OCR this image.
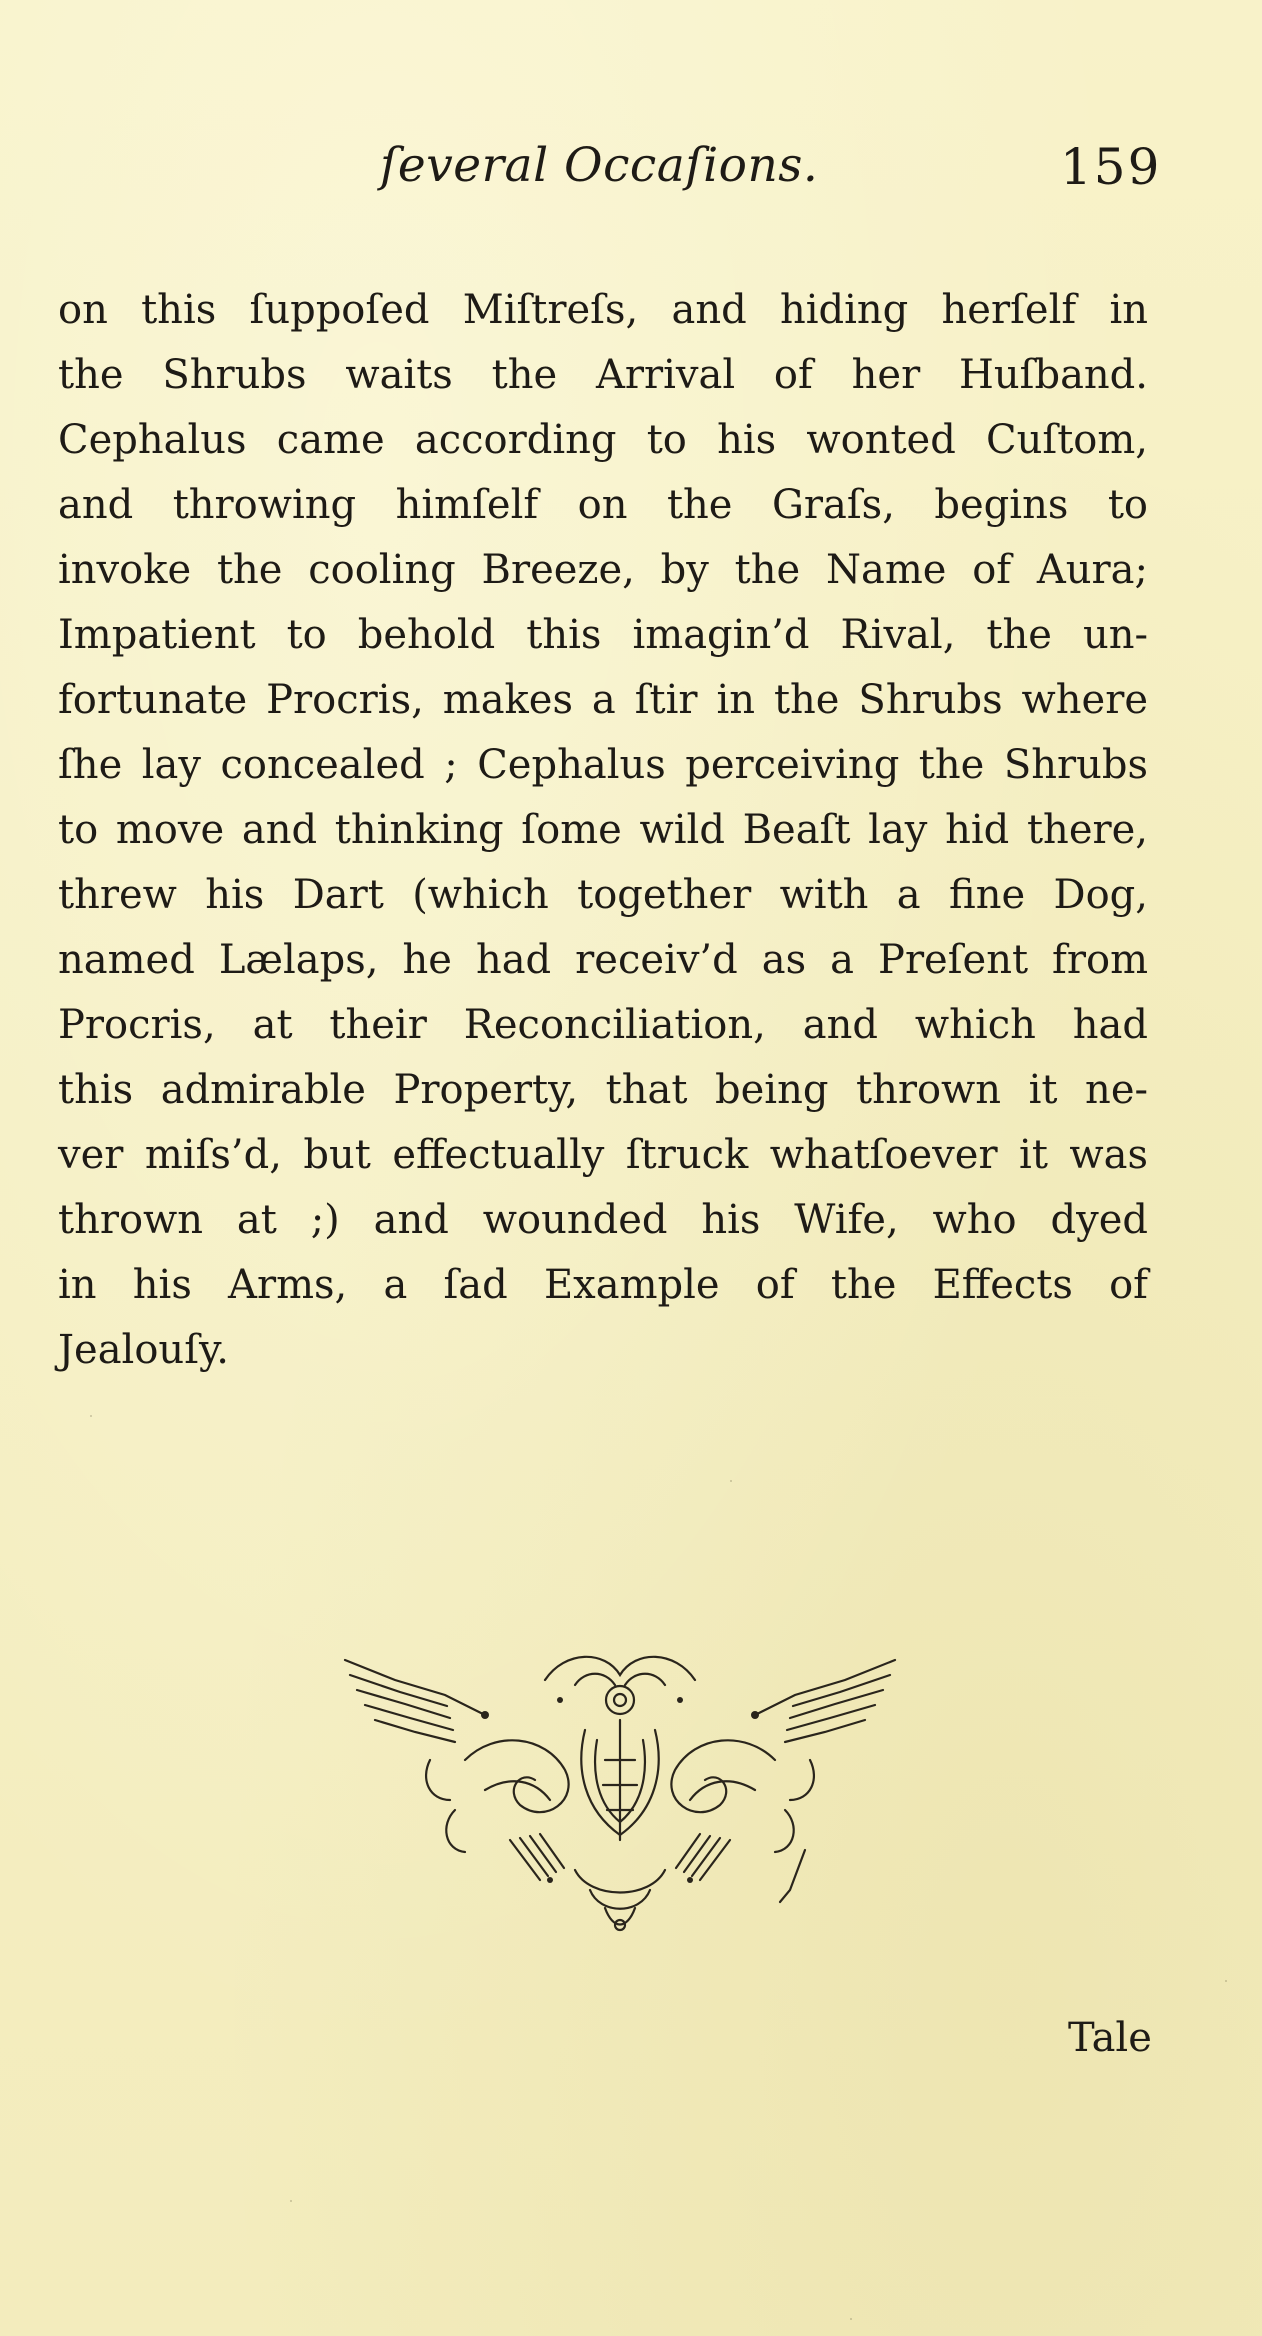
ſeveral Occaſions.	159
on this ſuppoſed Miſtreſs, and hiding herſelf in
the Shrubs waits the Arrival of her Huſband.
Cephalus came according to his wonted Cuſtom,
and throwing himſelf on the Graſs, begins to
invoke the cooling Breeze, by the Name of Aura;
Impatient to behold this imagin’d Rival, the un-
fortunate Procris, makes a ſtir in the Shrubs where
ſhe lay concealed ; Cephalus perceiving the Shrubs
to move and thinking ſome wild Beaſt lay hid there,
threw his Dart (which together with a fine Dog,
named Lælaps, he had receiv’d as a Preſent from
Procris, at their Reconciliation, and which had
this admirable Property, that being thrown it ne-
ver miſs’d, but effectually ſtruck whatſoever it was
thrown at ;) and wounded his Wife, who dyed
in his Arms, a ſad Example of the Effects of
Jealouſy.
Tale
